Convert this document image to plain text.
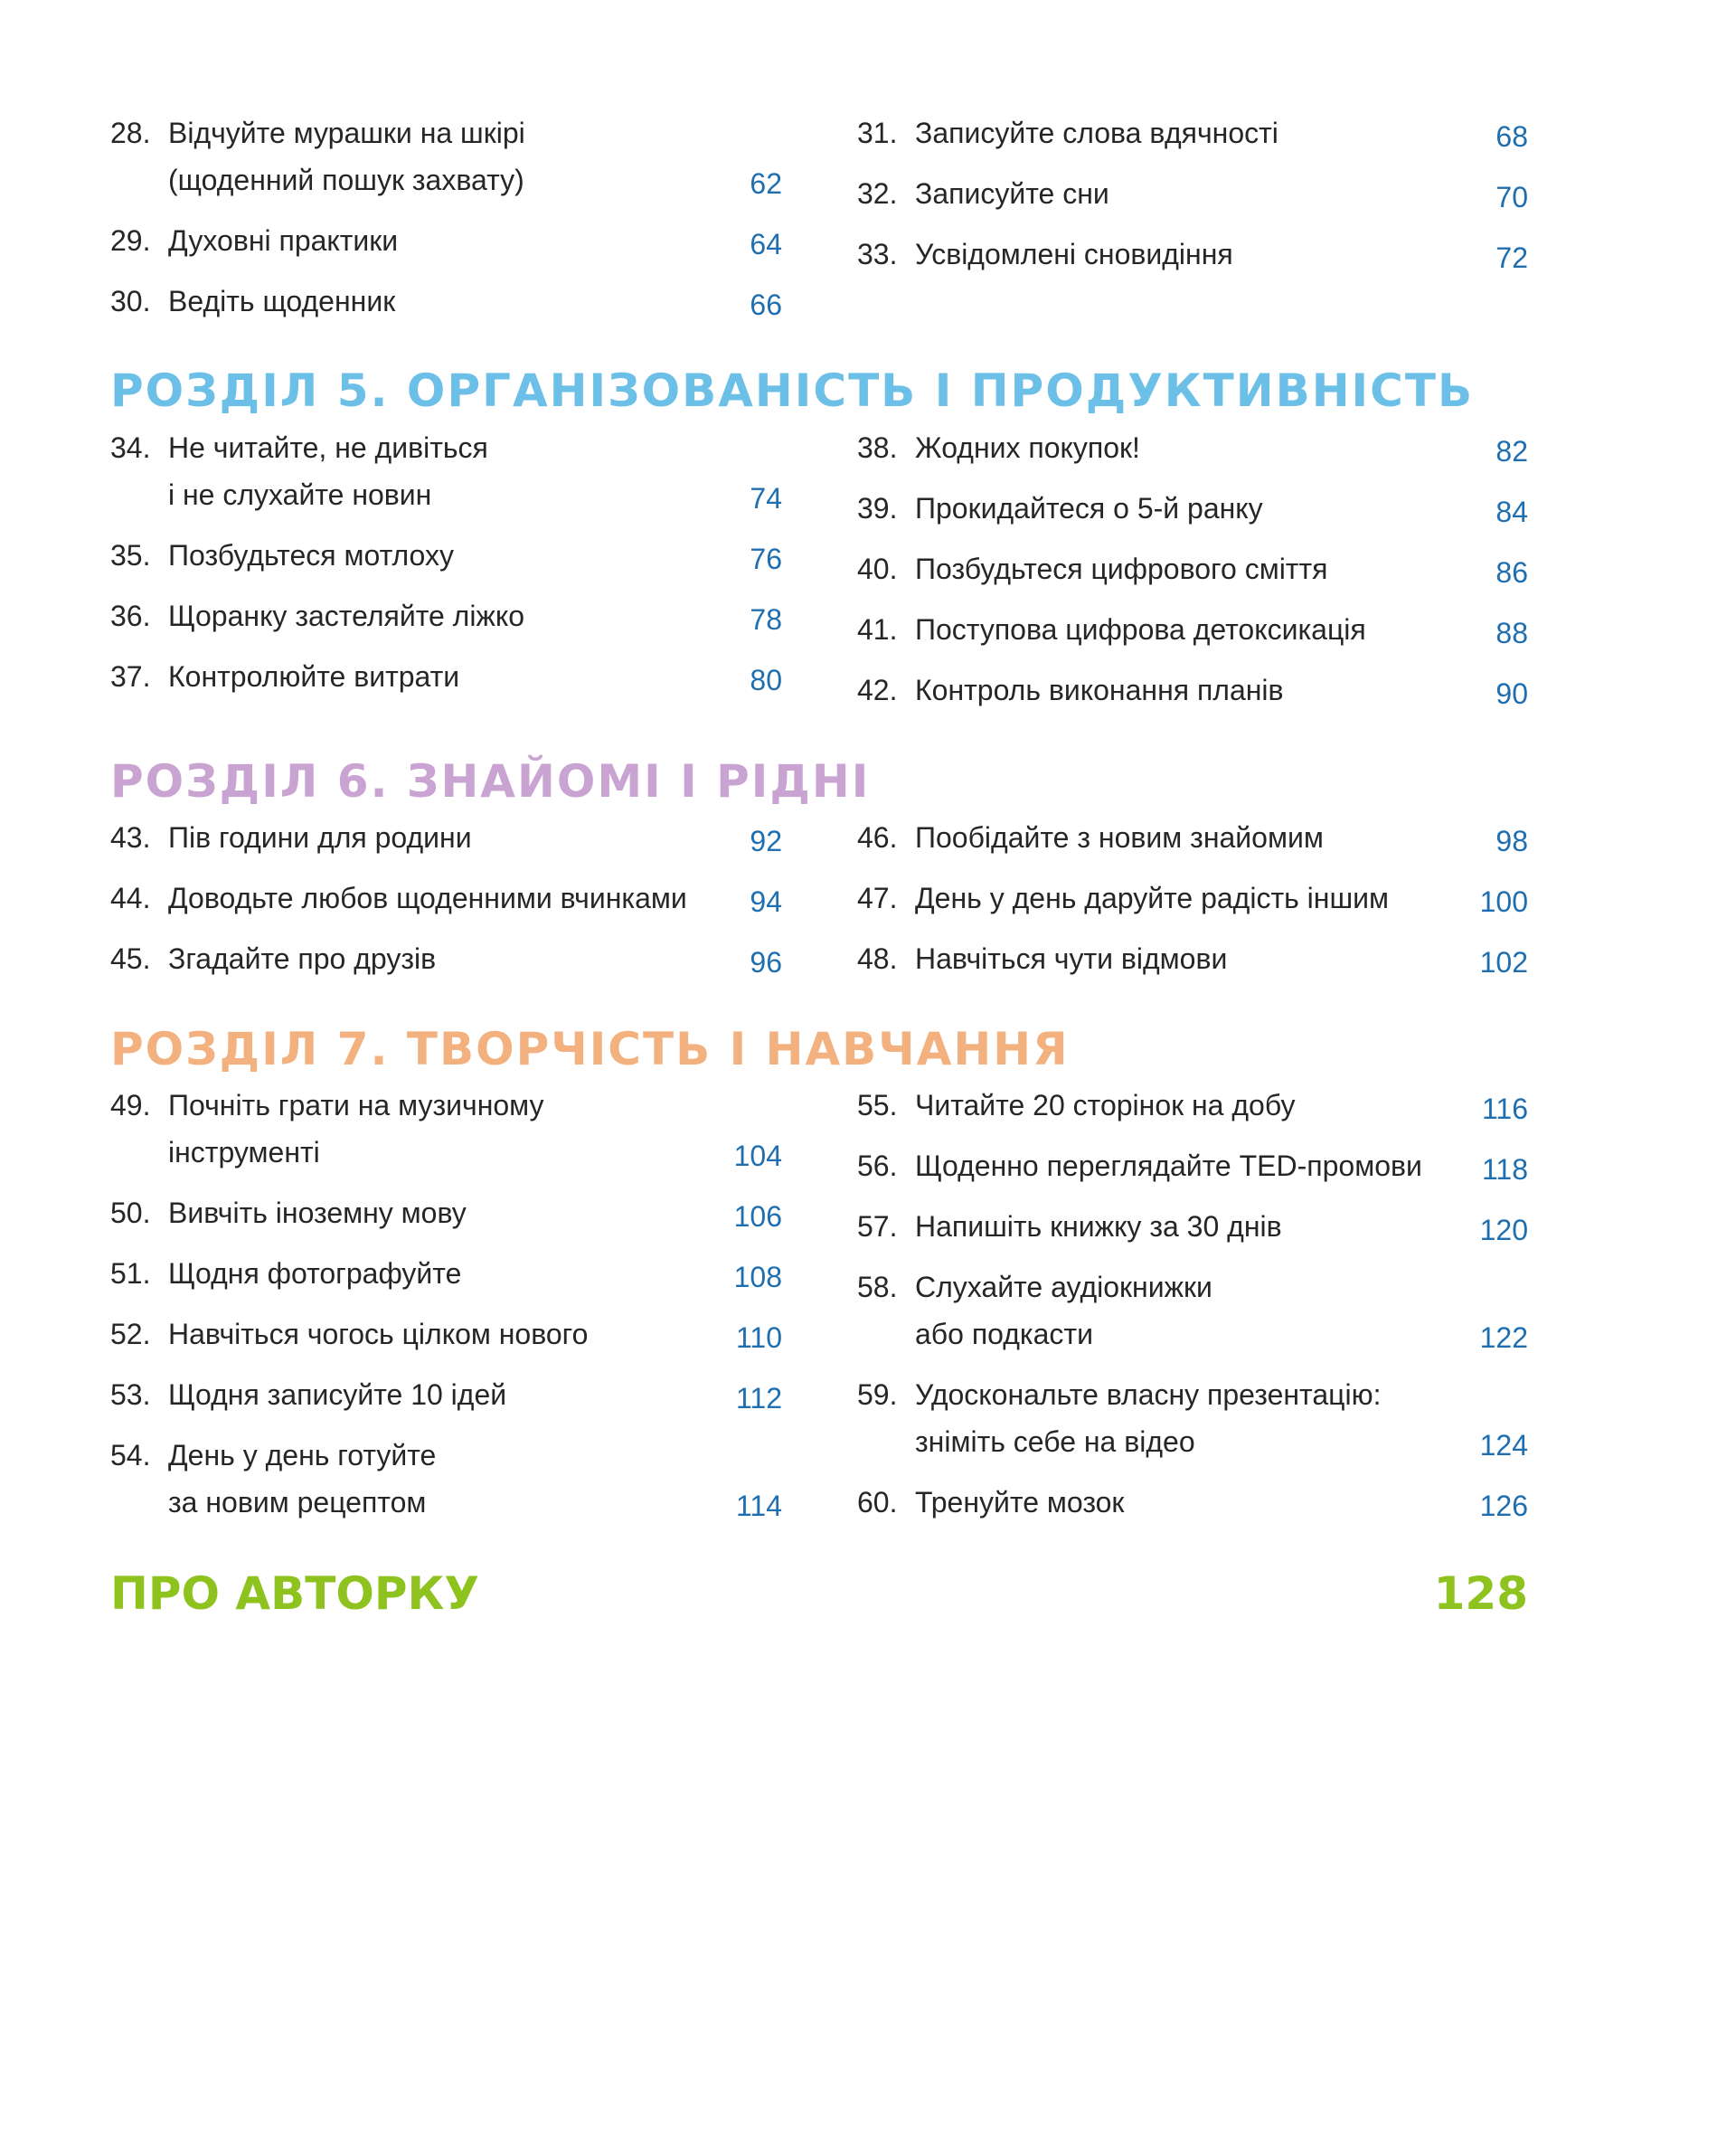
28. Відчуйте мурашки на шкірі
(щоденний пошук захвату)	62
29. Духовні практики	64
30. Ведіть щоденник	66
31. Записуйте слова вдячності	68
32. Записуйте сни	70
33. Усвідомлені сновидіння	72
РОЗДІЛ 5. ОРГАНІЗОВАНІСТЬ І ПРОДУКТИВНІСТЬ
34. Не читайте, не дивіться
і не слухайте новин	74
35. Позбудьтеся мотлоху	76
36. Щоранку застеляйте ліжко	78
37. Контролюйте витрати	80
38. Жодних покупок!	82
39. Прокидайтеся о 5-й ранку	84
40. Позбудьтеся цифрового сміття	86
41. Поступова цифрова детоксикація	88
42. Контроль виконання планів	90
РОЗДІЛ 6. ЗНАЙОМІ І РІДНІ
43. Пів години для родини	92
44. Доводьте любов щоденними вчинками	94
45. Згадайте про друзів	96
46. Пообідайте з новим знайомим	98
47. День у день даруйте радість іншим	100
48. Навчіться чути відмови	102
РОЗДІЛ 7. ТВОРЧІСТЬ І НАВЧАННЯ
49. Почніть грати на музичному
інструменті	104
50. Вивчіть іноземну мову	106
51. Щодня фотографуйте	108
52. Навчіться чогось цілком нового	110
53. Щодня записуйте 10 ідей	112
54. День у день готуйте
за новим рецептом	114
55. Читайте 20 сторінок на добу	116
56. Щоденно переглядайте TED-промови	118
57. Напишіть книжку за 30 днів	120
58. Слухайте аудіокнижки
або подкасти	122
59. Удоскональте власну презентацію:
зніміть себе на відео	124
60. Тренуйте мозок	126
ПРО АВТОРКУ	128
